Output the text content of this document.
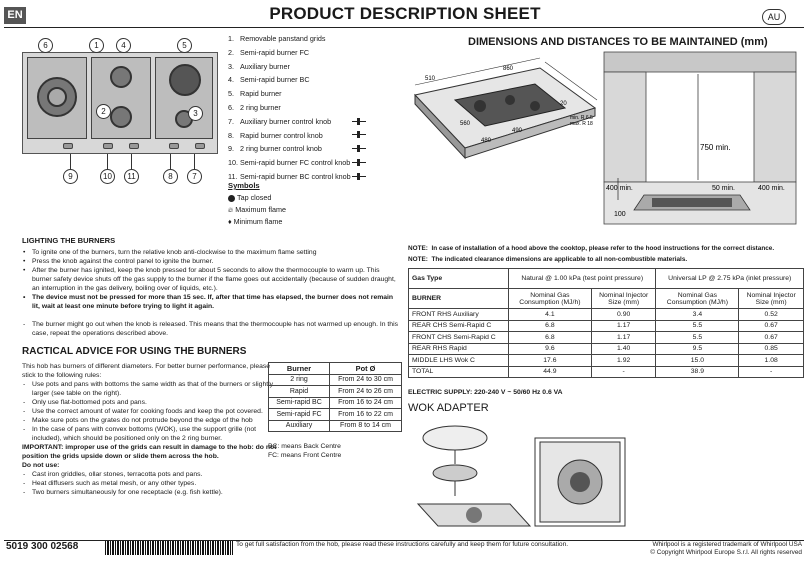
EN	PRODUCT DESCRIPTION SHEET	AU
6	1	4	5
2	3
9	10	11	8	7
1. Removable panstand grids
2. Semi-rapid burner FC
3. Auxiliary burner
4. Semi-rapid burner BC
5. Rapid burner
6. 2 ring burner
7. Auxiliary burner control knob
8. Rapid burner control knob
9. 2 ring burner control knob
10. Semi-rapid burner FC control knob
11. Semi-rapid burner BC control knob
Symbols
Tap closed
🔥︎ Maximum flame
♦ Minimum flame
LIGHTING THE BURNERS
• To ignite one of the burners, turn the relative knob anti-clockwise to the maximum flame setting
• Press the knob against the control panel to ignite the burner.
• After the burner has ignited, keep the knob pressed for about 5 seconds to allow the thermocouple to warm up. This burner safety device shuts off the gas supply to the burner if the flame goes out accidentally (because of sudden draught, an interruption in the gas delivery, boiling over of liquids, etc.).
• The device must not be pressed for more than 15 sec. If, after that time has elapsed, the burner does not remain lit, wait at least one minute before trying to light it again.
- The burner might go out when the knob is released. This means that the thermocouple has not warmed up enough. In this case, repeat the operations described above.
RACTICAL ADVICE FOR USING THE BURNERS
This hob has burners of different diameters. For better burner performance, please stick to the following rules:
- Use pots and pans with bottoms the same width as that of the burners or slightly larger (see table on the right).
- Only use flat-bottomed pots and pans.
- Use the correct amount of water for cooking foods and keep the pot covered.
- Make sure pots on the grates do not protrude beyond the edge of the hob
- In the case of pans with convex bottoms (WOK), use the support grille (not included), which should be positioned only on the 2 ring burner.
IMPORTANT: improper use of the grids can result in damage to the hob: do not position the grids upside down or slide them across the hob.
Do not use:
- Cast iron griddles, ollar stones, terracotta pots and pans.
- Heat diffusers such as metal mesh, or any other types.
- Two burners simultaneously for one receptacle (e.g. fish kettle).
Burner	Pot Ø
2 ring	From 24 to 30 cm
Rapid	From 24 to 26 cm
Semi-rapid BC	From 16 to 24 cm
Semi-rapid FC	From 16 to 22 cm
Auxiliary	From 8 to 14 cm
BC: means Back Centre
FC: means Front Centre
DIMENSIONS AND DISTANCES TO BE MAINTAINED (mm)
510
860
490
20
560
min. R 6.5
max. R 18
480
750 min.
400 min.	50 min.	400 min.
100
NOTE: In case of installation of a hood above the cooktop, please refer to the hood instructions for the correct distance.
NOTE: The indicated clearance dimensions are applicable to all non-combustible materials.
Gas Type	Natural @ 1.00 kPa (test point pressure)		Universal LP @ 2.75 kPa (inlet pressure)	

BURNER	Nominal Gas Consumption (MJ/h)	Nominal Injector Size (mm)	Nominal Gas Consumption (MJ/h)	Nominal Injector Size (mm)
FRONT RHS Auxiliary	4.1	0.90	3.4	0.52
REAR CHS Semi-Rapid C	6.8	1.17	5.5	0.67
FRONT CHS Semi-Rapid C	6.8	1.17	5.5	0.67
REAR RHS Rapid	9.6	1.40	9.5	0.85
MIDDLE LHS Wok C	17.6	1.92	15.0	1.08
TOTAL	44.9	-	38.9	-
ELECTRIC SUPPLY: 220-240 V ~ 50/60 Hz 0.6 VA
WOK ADAPTER
5019 300 02568	To get full satisfaction from the hob, please read these instructions carefully and keep them for future consultation.	Whirlpool is a registered trademark of Whirlpool USA
© Copyright Whirlpool Europe S.r.l. All rights reserved
